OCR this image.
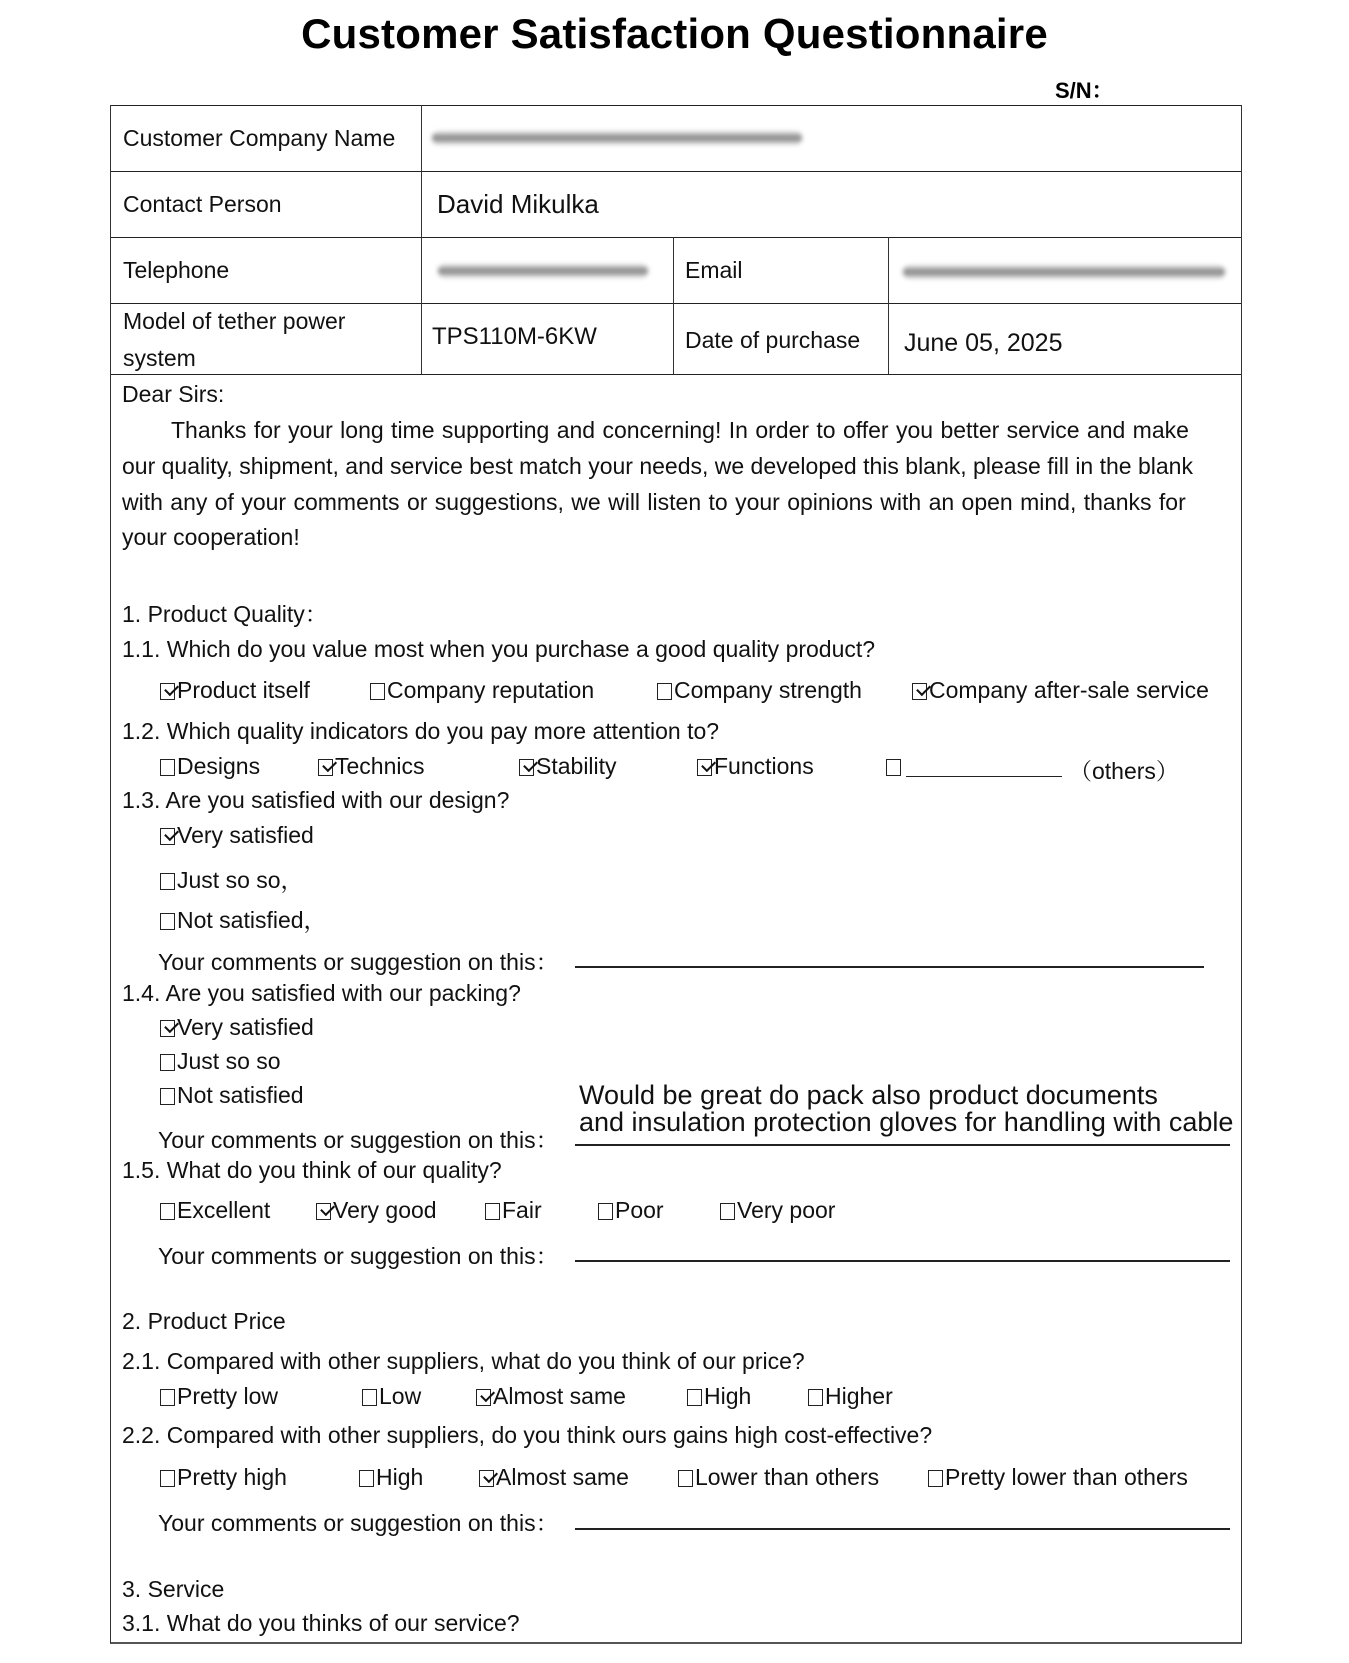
Customer Satisfaction Questionnaire
S/N：
Customer Company Name
Contact Person	David Mikulka
Telephone	Email
Model of tether power
system
TPS110M-6KW	Date of purchase June 05, 2025
Dear Sirs:
Thanks for your long time supporting and concerning! In order to offer you better service and make
our quality, shipment, and service best match your needs, we developed this blank, please fill in the blank
with any of your comments or suggestions, we will listen to your opinions with an open mind, thanks for
your cooperation!
1. Product Quality：
1.1. Which do you value most when you purchase a good quality product?
Product itself	Company reputation	Company strength	Company after-sale service
1.2. Which quality indicators do you pay more attention to?
Designs	Technics	Stability	Functions	（others）
1.3. Are you satisfied with our design?
Very satisfied
Just so so，
Not satisfied，
Your comments or suggestion on this：
1.4. Are you satisfied with our packing?
Very satisfied
Just so so
Not satisfied	Would be great do pack also product documents
and insulation protection gloves for handling with cable
Your comments or suggestion on this：
1.5. What do you think of our quality?
Excellent	Very good	Fair	Poor	Very poor
Your comments or suggestion on this：
2. Product Price
2.1. Compared with other suppliers, what do you think of our price?
Pretty low	Low	Almost same	High	Higher
2.2. Compared with other suppliers, do you think ours gains high cost-effective?
Pretty high	High	Almost same	Lower than others	Pretty lower than others
Your comments or suggestion on this：
3. Service
3.1. What do you thinks of our service?
